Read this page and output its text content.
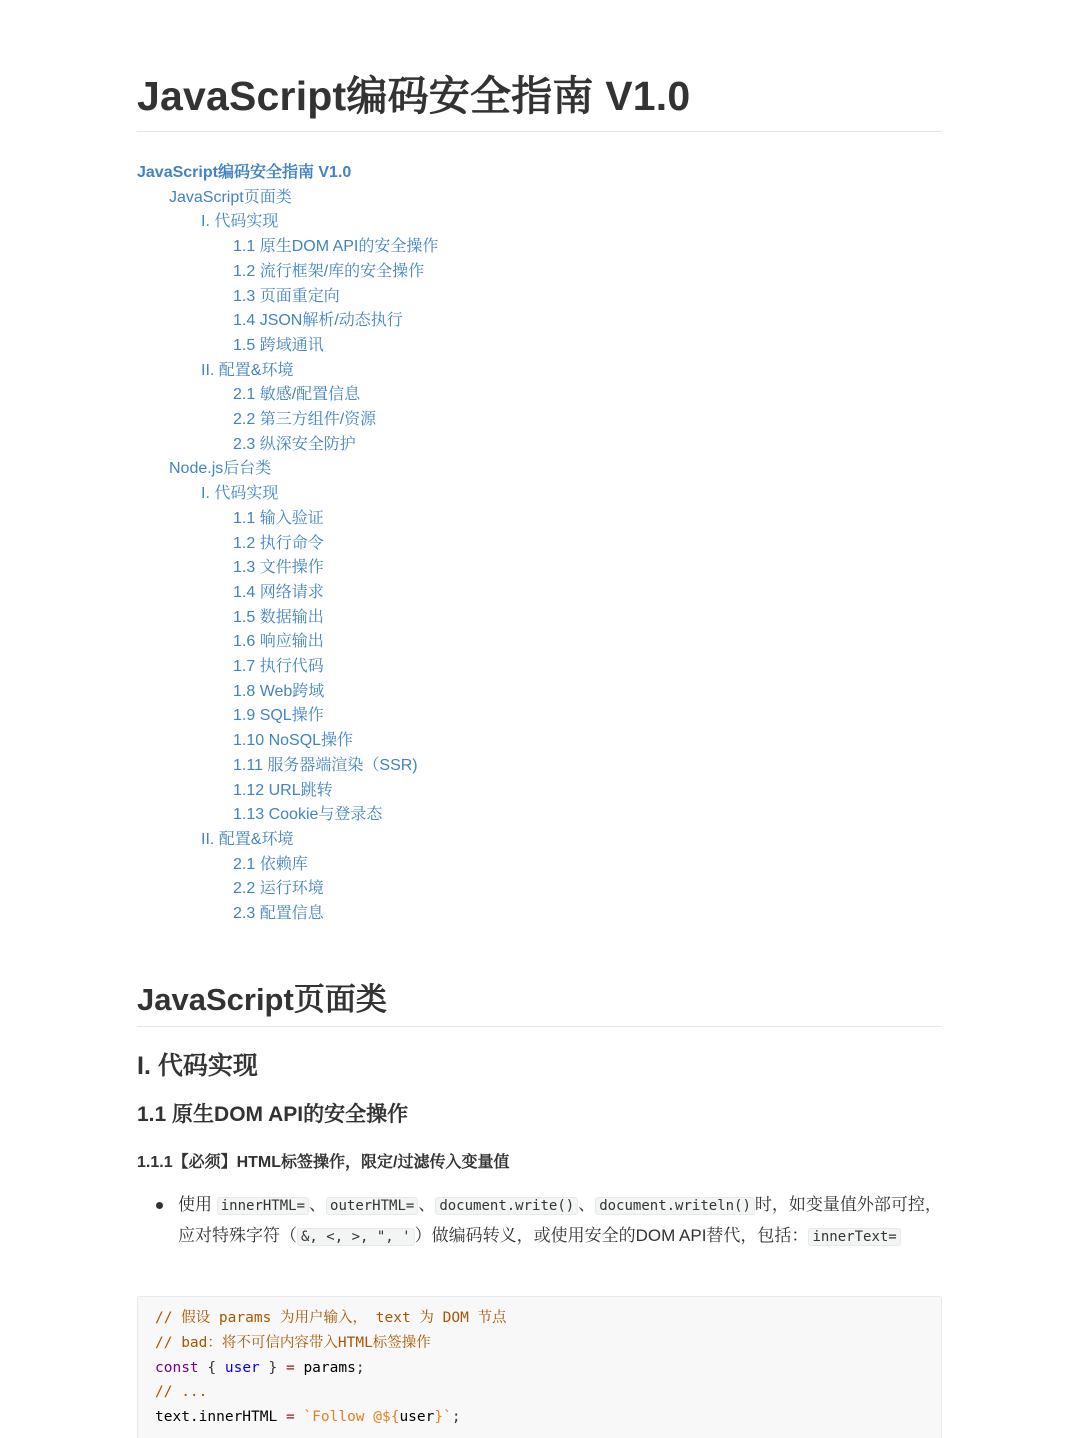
JavaScript编码安全指南 V1.0
JavaScript编码安全指南 V1.0
JavaScript页面类
I. 代码实现
1.1 原生DOM API的安全操作
1.2 流行框架/库的安全操作
1.3 页面重定向
1.4 JSON解析/动态执行
1.5 跨域通讯
II. 配置&环境
2.1 敏感/配置信息
2.2 第三方组件/资源
2.3 纵深安全防护
Node.js后台类
I. 代码实现
1.1 输入验证
1.2 执行命令
1.3 文件操作
1.4 网络请求
1.5 数据输出
1.6 响应输出
1.7 执行代码
1.8 Web跨域
1.9 SQL操作
1.10 NoSQL操作
1.11 服务器端渲染（SSR)
1.12 URL跳转
1.13 Cookie与登录态
II. 配置&环境
2.1 依赖库
2.2 运行环境
2.3 配置信息
JavaScript页面类
I. 代码实现
1.1 原生DOM API的安全操作
1.1.1【必须】HTML标签操作，限定/过滤传入变量值
使用 innerHTML= 、 outerHTML= 、 document.write() 、 document.writeln() 时，如变量值外部可控，应对特殊字符（ &, <, >, ", ' ）做编码转义，或使用安全的DOM API替代，包括： innerText=
// 假设 params 为用户输入， text 为 DOM 节点
// bad：将不可信内容带入HTML标签操作
const { user } = params;
// ...
text.innerHTML = `Follow @${user}`;
